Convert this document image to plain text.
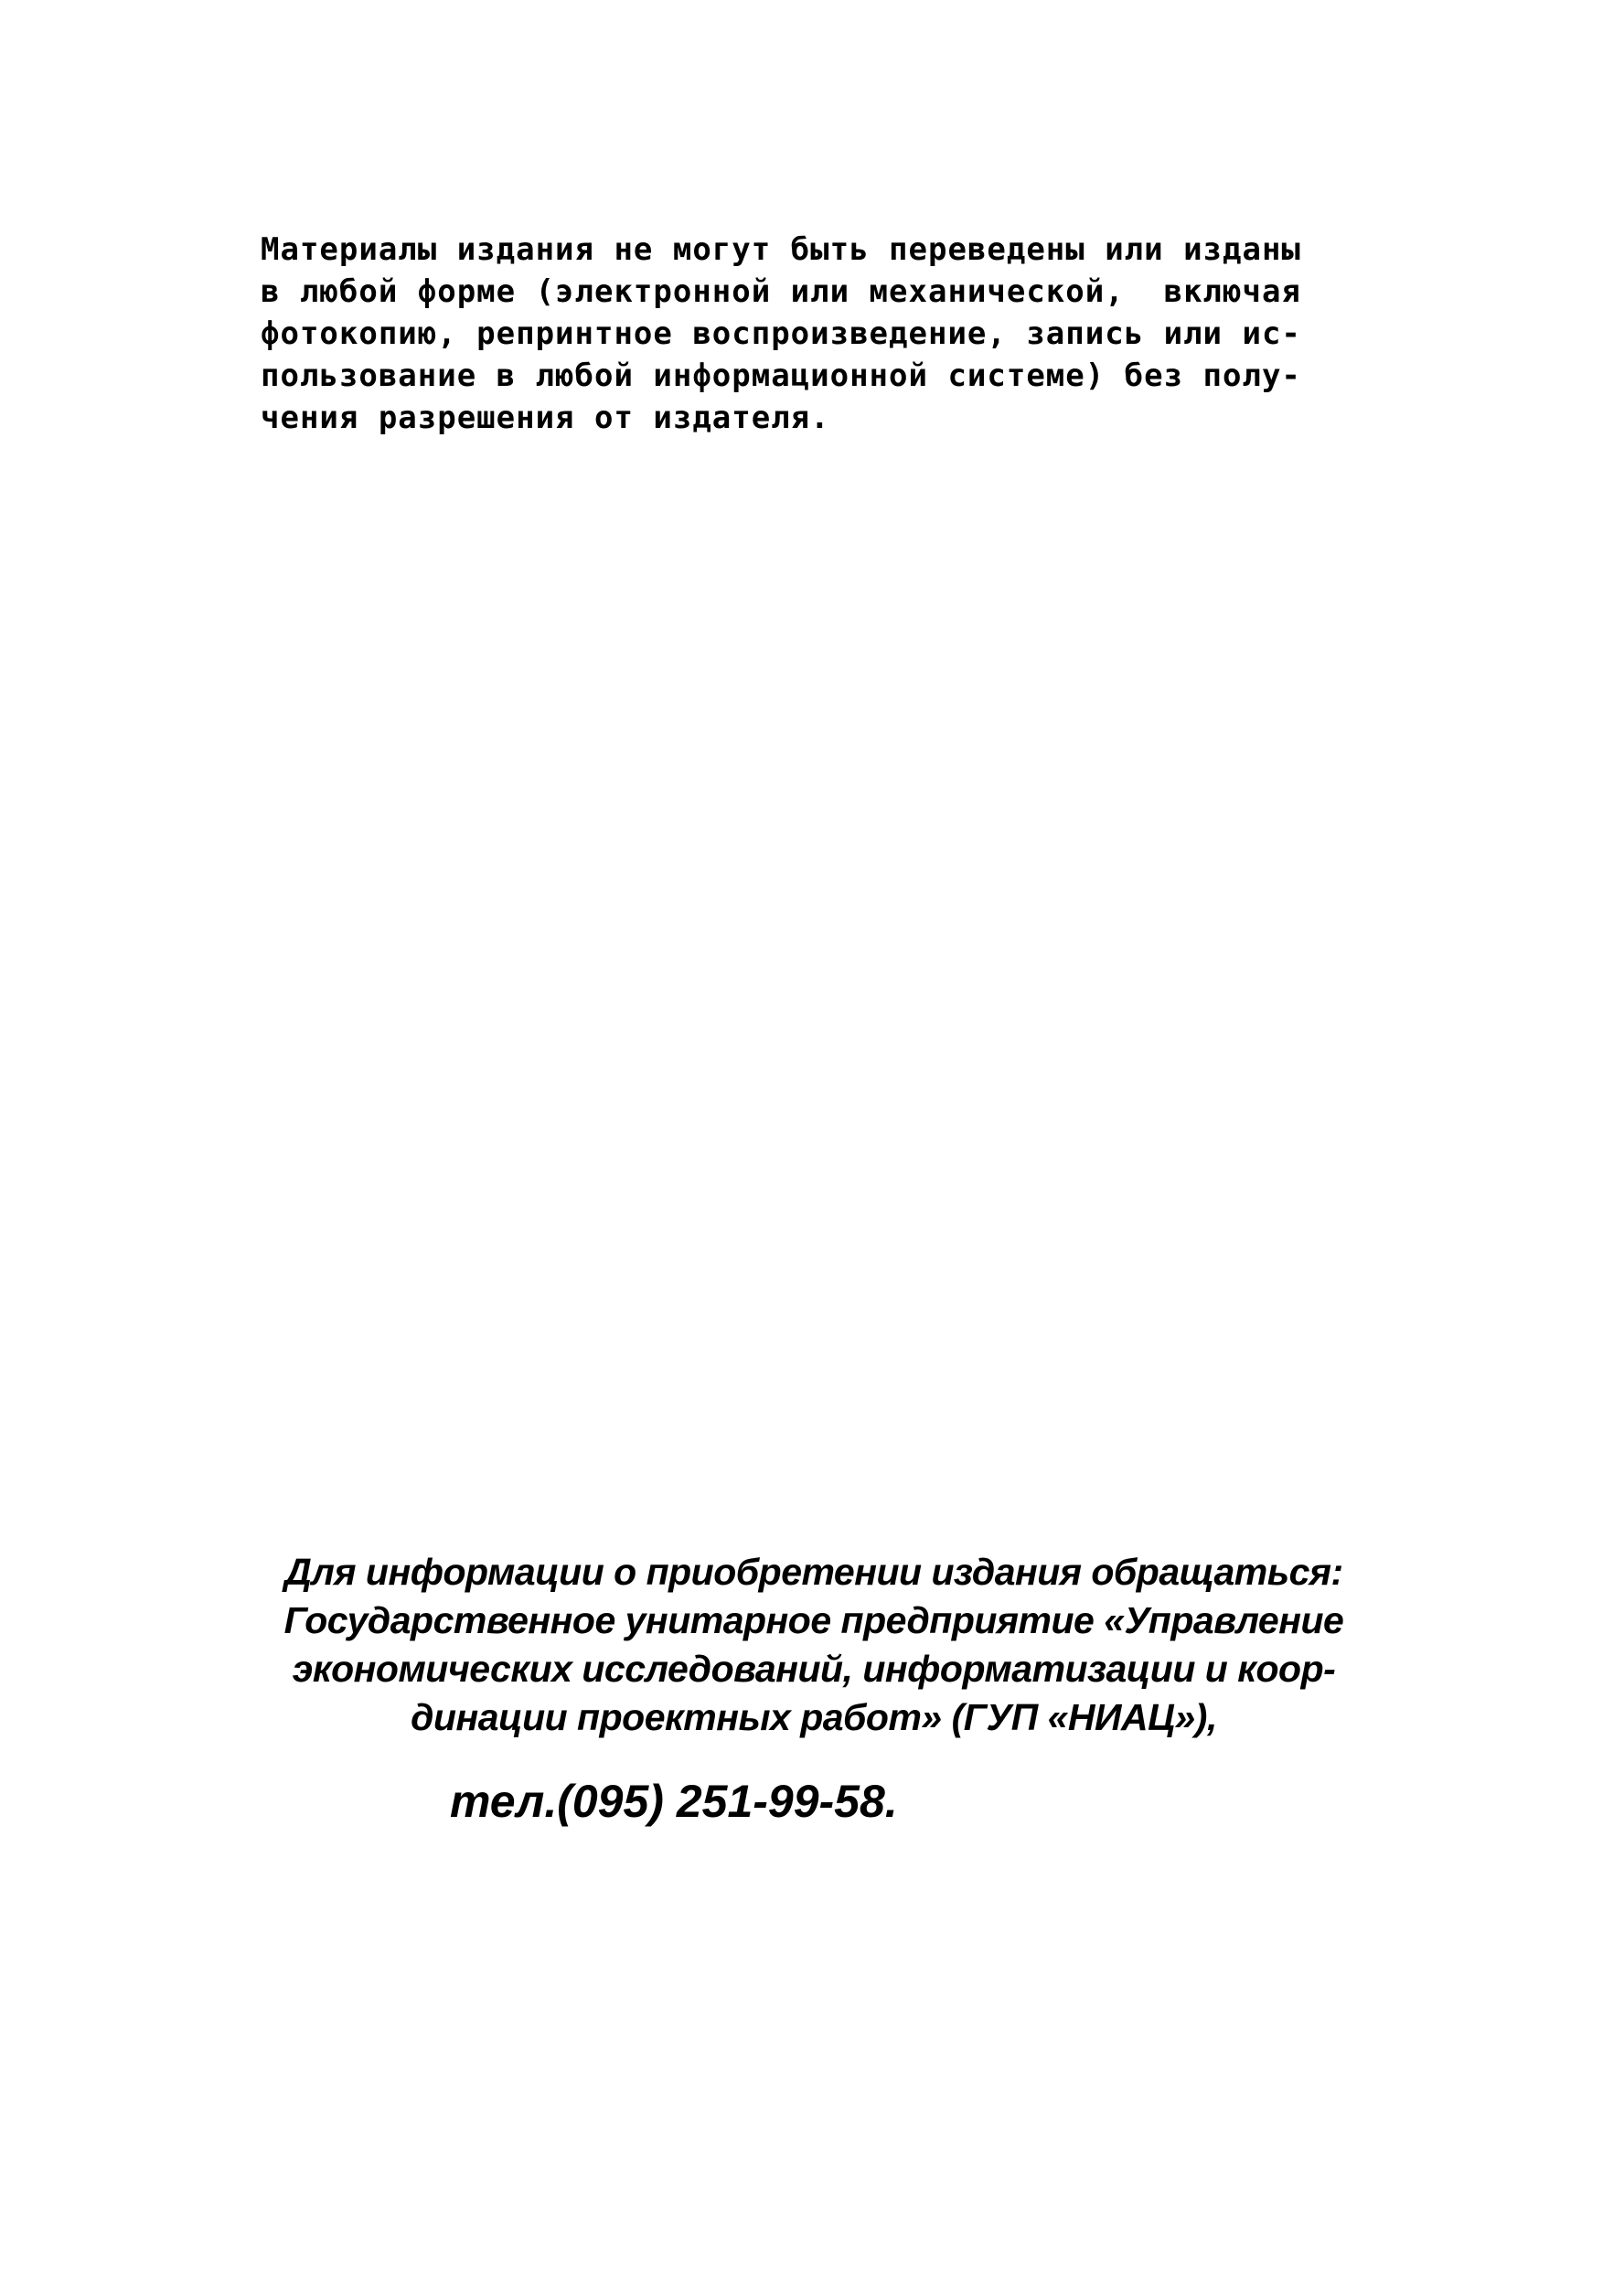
Материалы издания не могут быть переведены или изданы
в любой форме (электронной или механической,  включая
фотокопию, репринтное воспроизведение, запись или ис-
пользование в любой информационной системе) без полу-
чения разрешения от издателя.
Для информации о приобретении издания обращаться:
Государственное унитарное предприятие «Управление
экономических исследований, информатизации и коор-
динации проектных работ» (ГУП «НИАЦ»),
тел.(095) 251-99-58.
